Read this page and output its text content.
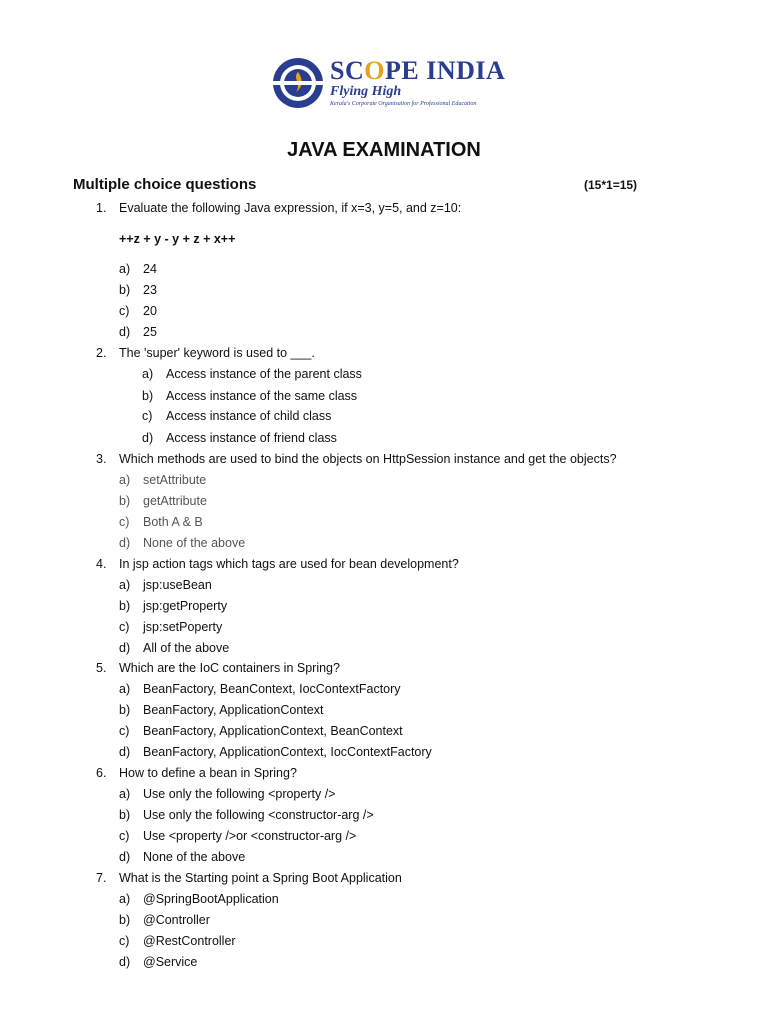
SCOPE INDIA
Flying High
Kerala's Corporate Organisation for Professional Education
JAVA EXAMINATION
Multiple choice questions	(15*1=15)
1. Evaluate the following Java expression, if x=3, y=5, and z=10:
++z + y - y + z + x++
a) 24
b) 23
c) 20
d) 25
2. The 'super' keyword is used to ___.
a) Access instance of the parent class
b) Access instance of the same class
c) Access instance of child class
d) Access instance of friend class
3. Which methods are used to bind the objects on HttpSession instance and get the objects?
a) setAttribute
b) getAttribute
c) Both A & B
d) None of the above
4. In jsp action tags which tags are used for bean development?
a) jsp:useBean
b) jsp:getProperty
c) jsp:setPoperty
d) All of the above
5. Which are the IoC containers in Spring?
a) BeanFactory, BeanContext, IocContextFactory
b) BeanFactory, ApplicationContext
c) BeanFactory, ApplicationContext, BeanContext
d) BeanFactory, ApplicationContext, IocContextFactory
6. How to define a bean in Spring?
a) Use only the following <property />
b) Use only the following <constructor-arg />
c) Use <property />or <constructor-arg />
d) None of the above
7. What is the Starting point a Spring Boot Application
a) @SpringBootApplication
b) @Controller
c) @RestController
d) @Service
